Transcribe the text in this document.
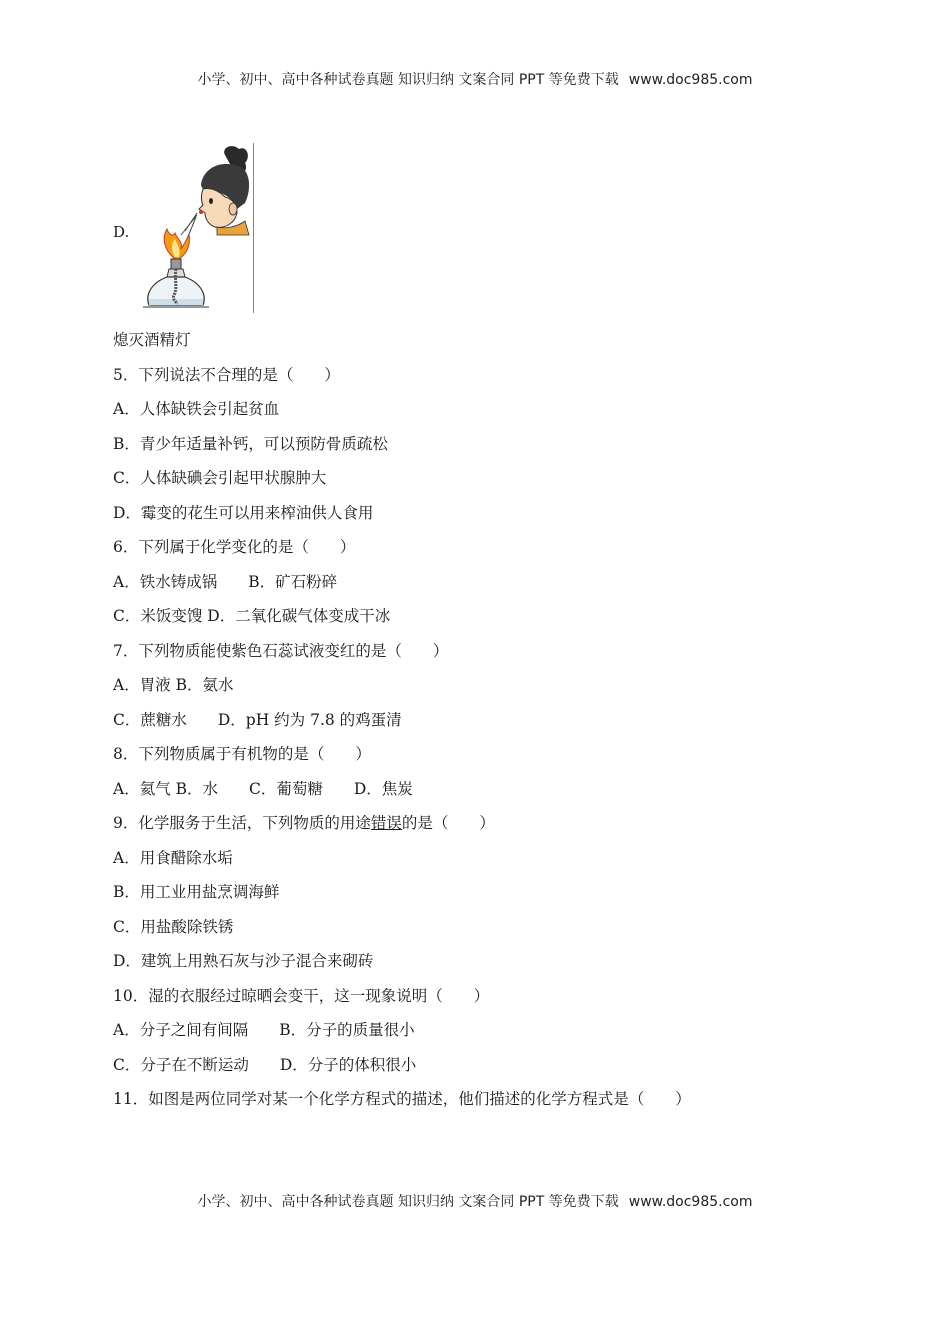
小学、初中、高中各种试卷真题 知识归纳 文案合同 PPT 等免费下载 www.doc985.com
D.
熄灭酒精灯
5．下列说法不合理的是（　　）
A．人体缺铁会引起贫血
B．青少年适量补钙，可以预防骨质疏松
C．人体缺碘会引起甲状腺肿大
D．霉变的花生可以用来榨油供人食用
6．下列属于化学变化的是（　　）
A．铁水铸成锅　　B．矿石粉碎
C．米饭变馊 D．二氧化碳气体变成干冰
7．下列物质能使紫色石蕊试液变红的是（　　）
A．胃液 B．氨水
C．蔗糖水　　D．pH 约为 7.8 的鸡蛋清
8．下列物质属于有机物的是（　　）
A．氦气 B．水　　C．葡萄糖　　D．焦炭
9．化学服务于生活，下列物质的用途错误的是（　　）
A．用食醋除水垢
B．用工业用盐烹调海鲜
C．用盐酸除铁锈
D．建筑上用熟石灰与沙子混合来砌砖
10．湿的衣服经过晾晒会变干，这一现象说明（　　）
A．分子之间有间隔　　B．分子的质量很小
C．分子在不断运动　　D．分子的体积很小
11．如图是两位同学对某一个化学方程式的描述，他们描述的化学方程式是（　　）
小学、初中、高中各种试卷真题 知识归纳 文案合同 PPT 等免费下载 www.doc985.com
